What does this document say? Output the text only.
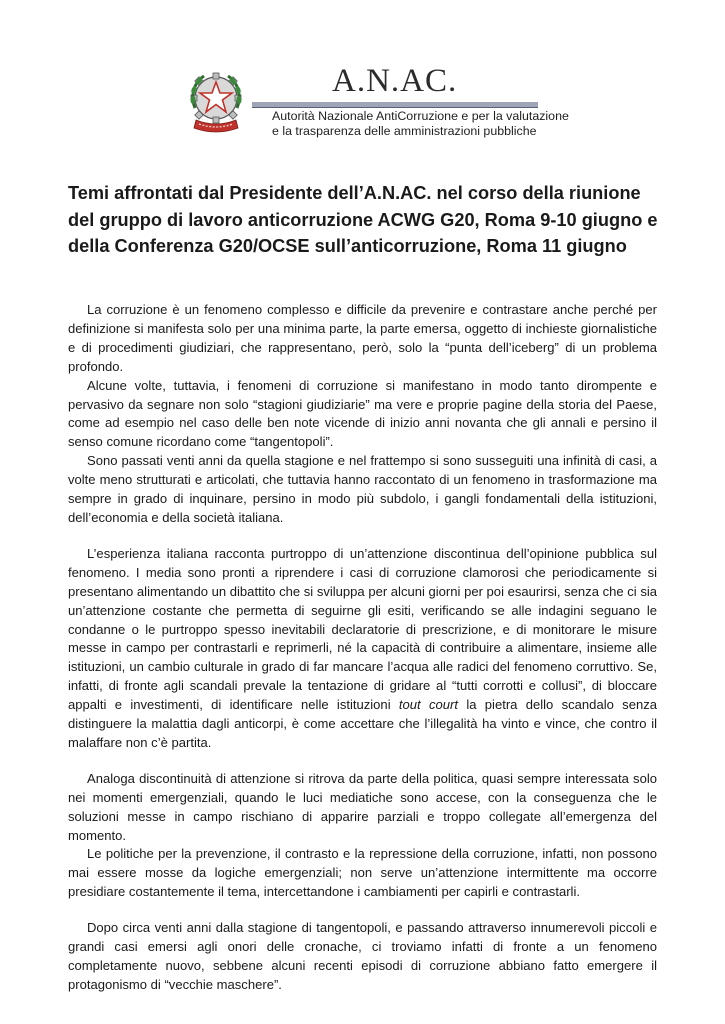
A.N.AC.
Autorità Nazionale AntiCorruzione e per la valutazione
e la trasparenza delle amministrazioni pubbliche
Temi affrontati dal Presidente dell’A.N.AC. nel corso della riunione del gruppo di lavoro anticorruzione ACWG G20, Roma 9-10 giugno e della Conferenza G20/OCSE sull’anticorruzione, Roma 11 giugno

La corruzione è un fenomeno complesso e difficile da prevenire e contrastare anche perché per definizione si manifesta solo per una minima parte, la parte emersa, oggetto di inchieste giornalistiche e di procedimenti giudiziari, che rappresentano, però, solo la “punta dell’iceberg” di un problema profondo.

Alcune volte, tuttavia, i fenomeni di corruzione si manifestano in modo tanto dirompente e pervasivo da segnare non solo “stagioni giudiziarie” ma vere e proprie pagine della storia del Paese, come ad esempio nel caso delle ben note vicende di inizio anni novanta che gli annali e persino il senso comune ricordano come “tangentopoli”.

Sono passati venti anni da quella stagione e nel frattempo si sono susseguiti una infinità di casi, a volte meno strutturati e articolati, che tuttavia hanno raccontato di un fenomeno in trasformazione ma sempre in grado di inquinare, persino in modo più subdolo, i gangli fondamentali della istituzioni, dell’economia e della società italiana.

L’esperienza italiana racconta purtroppo di un’attenzione discontinua dell’opinione pubblica sul fenomeno. I media sono pronti a riprendere i casi di corruzione clamorosi che periodicamente si presentano alimentando un dibattito che si sviluppa per alcuni giorni per poi esaurirsi, senza che ci sia un’attenzione costante che permetta di seguirne gli esiti, verificando se alle indagini seguano le condanne o le purtroppo spesso inevitabili declaratorie di prescrizione, e di monitorare le misure messe in campo per contrastarli e reprimerli, né la capacità di contribuire a alimentare, insieme alle istituzioni, un cambio culturale in grado di far mancare l’acqua alle radici del fenomeno corruttivo. Se, infatti, di fronte agli scandali prevale la tentazione di gridare al “tutti corrotti e collusi”, di bloccare appalti e investimenti, di identificare nelle istituzioni tout court la pietra dello scandalo senza distinguere la malattia dagli anticorpi, è come accettare che l’illegalità ha vinto e vince, che contro il malaffare non c’è partita.

Analoga discontinuità di attenzione si ritrova da parte della politica, quasi sempre interessata solo nei momenti emergenziali, quando le luci mediatiche sono accese, con la conseguenza che le soluzioni messe in campo rischiano di apparire parziali e troppo collegate all’emergenza del momento.

Le politiche per la prevenzione, il contrasto e la repressione della corruzione, infatti, non possono mai essere mosse da logiche emergenziali; non serve un’attenzione intermittente ma occorre presidiare costantemente il tema, intercettandone i cambiamenti per capirli e contrastarli.

Dopo circa venti anni dalla stagione di tangentopoli, e passando attraverso innumerevoli piccoli e grandi casi emersi agli onori delle cronache, ci troviamo infatti di fronte a un fenomeno completamente nuovo, sebbene alcuni recenti episodi di corruzione abbiano fatto emergere il protagonismo di “vecchie maschere”.
